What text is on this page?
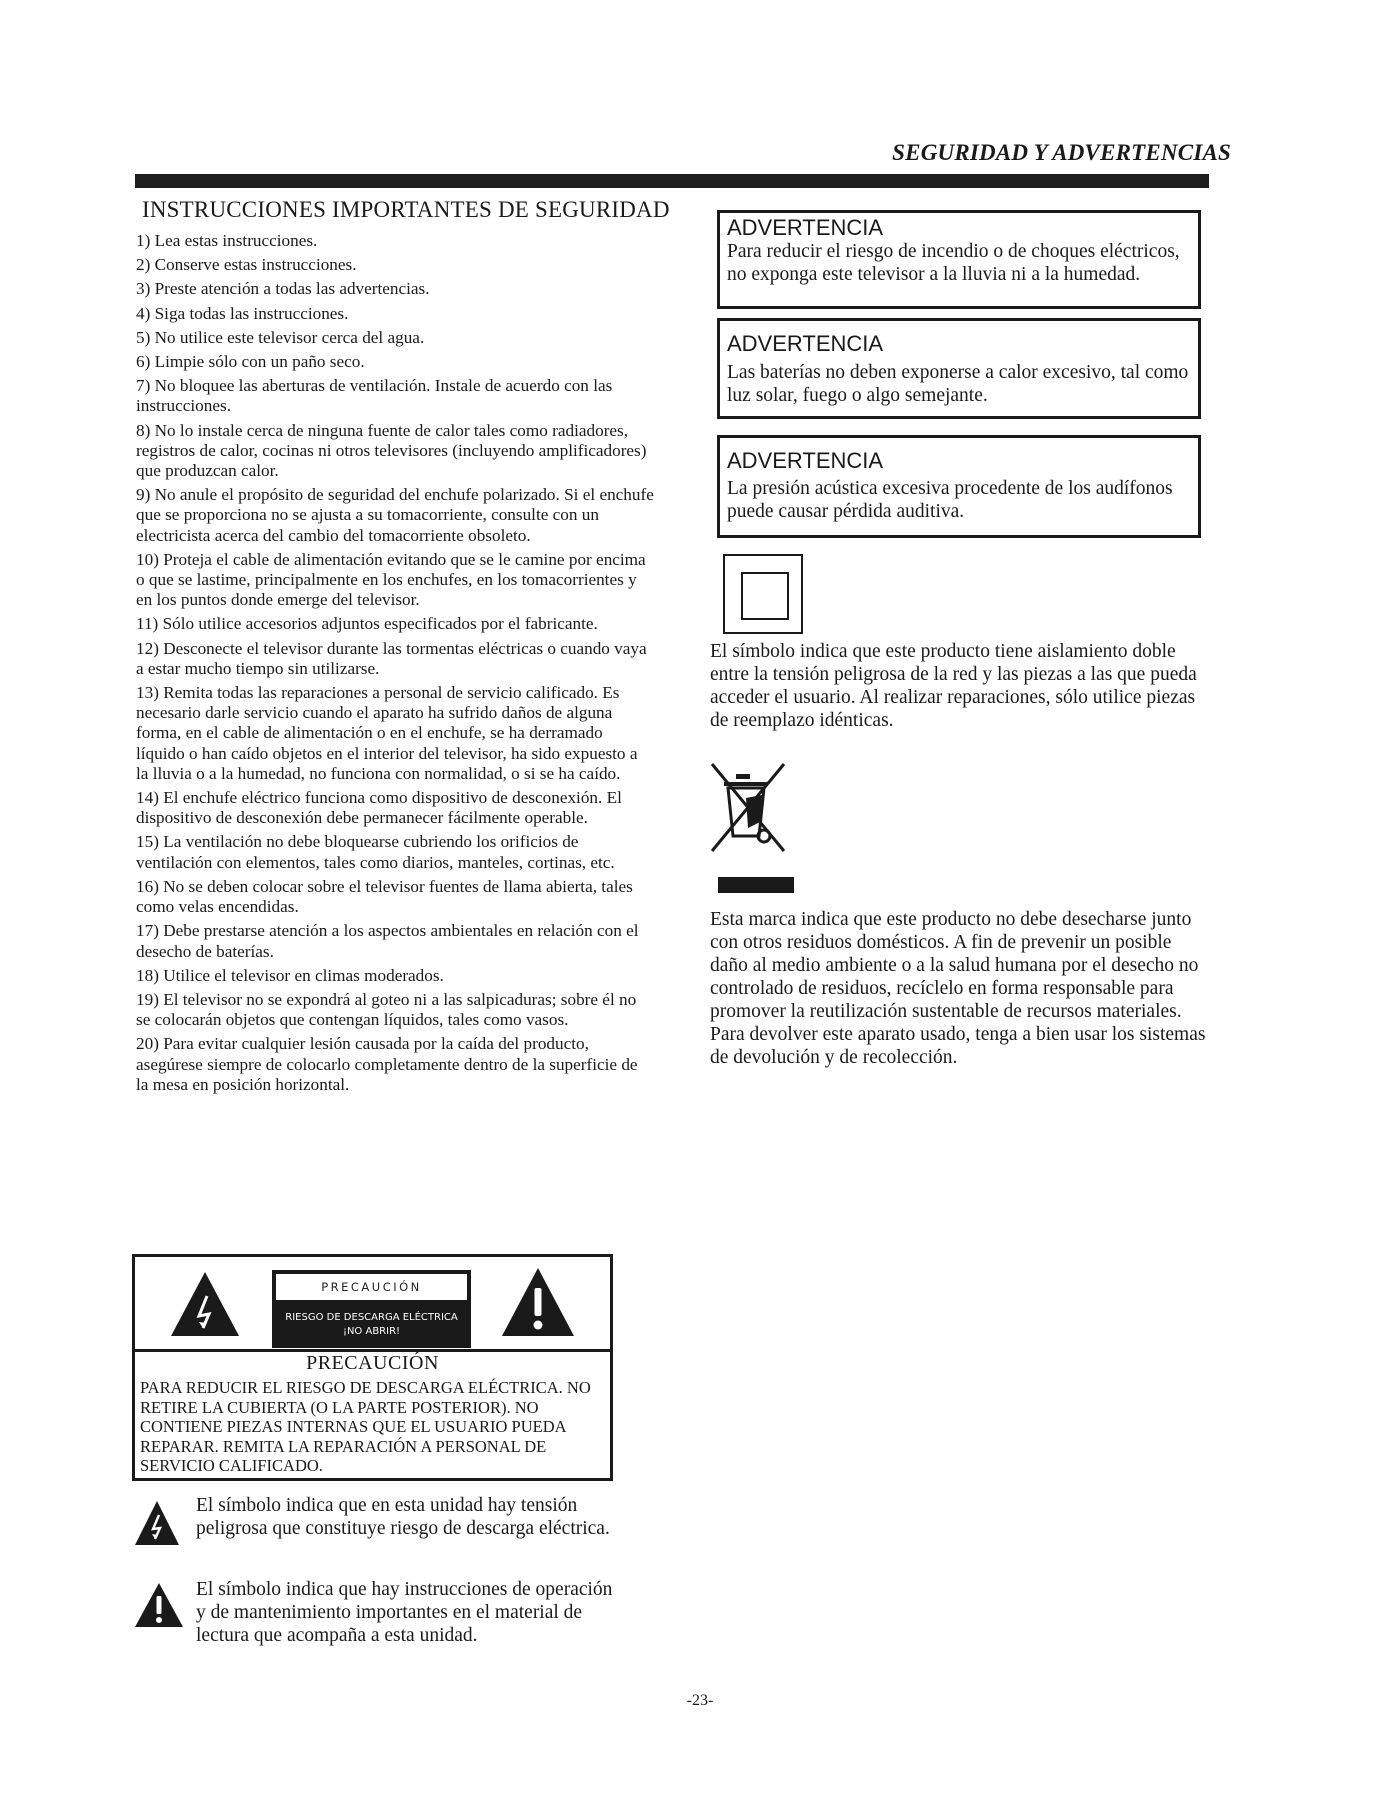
SEGURIDAD Y ADVERTENCIAS
INSTRUCCIONES IMPORTANTES DE SEGURIDAD
1) Lea estas instrucciones.
2) Conserve estas instrucciones.
3) Preste atención a todas las advertencias.
4) Siga todas las instrucciones.
5) No utilice este televisor cerca del agua.
6) Limpie sólo con un paño seco.
7) No bloquee las aberturas de ventilación. Instale de acuerdo con las instrucciones.
8) No lo instale cerca de ninguna fuente de calor tales como radiadores, registros de calor, cocinas ni otros televisores (incluyendo amplificadores) que produzcan calor.
9) No anule el propósito de seguridad del enchufe polarizado. Si el enchufe que se proporciona no se ajusta a su tomacorriente, consulte con un electricista acerca del cambio del tomacorriente obsoleto.
10) Proteja el cable de alimentación evitando que se le camine por encima o que se lastime, principalmente en los enchufes, en los tomacorrientes y en los puntos donde emerge del televisor.
11) Sólo utilice accesorios adjuntos especificados por el fabricante.
12) Desconecte el televisor durante las tormentas eléctricas o cuando vaya a estar mucho tiempo sin utilizarse.
13) Remita todas las reparaciones a personal de servicio calificado. Es necesario darle servicio cuando el aparato ha sufrido daños de alguna forma, en el cable de alimentación o en el enchufe, se ha derramado líquido o han caído objetos en el interior del televisor, ha sido expuesto a la lluvia o a la humedad, no funciona con normalidad, o si se ha caído.
14) El enchufe eléctrico funciona como dispositivo de desconexión. El dispositivo de desconexión debe permanecer fácilmente operable.
15) La ventilación no debe bloquearse cubriendo los orificios de ventilación con elementos, tales como diarios, manteles, cortinas, etc.
16) No se deben colocar sobre el televisor fuentes de llama abierta, tales como velas encendidas.
17) Debe prestarse atención a los aspectos ambientales en relación con el desecho de baterías.
18) Utilice el televisor en climas moderados.
19) El televisor no se expondrá al goteo ni a las salpicaduras; sobre él no se colocarán objetos que contengan líquidos, tales como vasos.
20) Para evitar cualquier lesión causada por la caída del producto, asegúrese siempre de colocarlo completamente dentro de la superficie de la mesa en posición horizontal.
PRECAUCIÓN
RIESGO DE DESCARGA ELÉCTRICA
¡NO ABRIR!
PRECAUCIÓN
PARA REDUCIR EL RIESGO DE DESCARGA ELÉCTRICA. NO RETIRE LA CUBIERTA (O LA PARTE POSTERIOR). NO CONTIENE PIEZAS INTERNAS QUE EL USUARIO PUEDA REPARAR. REMITA LA REPARACIÓN A PERSONAL DE SERVICIO CALIFICADO.
El símbolo indica que en esta unidad hay tensión peligrosa que constituye riesgo de descarga eléctrica.
El símbolo indica que hay instrucciones de operación y de mantenimiento importantes en el material de lectura que acompaña a esta unidad.
ADVERTENCIA
Para reducir el riesgo de incendio o de choques eléctricos, no exponga este televisor a la lluvia ni a la humedad.
ADVERTENCIA
Las baterías no deben exponerse a calor excesivo, tal como luz solar, fuego o algo semejante.
ADVERTENCIA
La presión acústica excesiva procedente de los audífonos puede causar pérdida auditiva.
El símbolo indica que este producto tiene aislamiento doble entre la tensión peligrosa de la red y las piezas a las que pueda acceder el usuario. Al realizar reparaciones, sólo utilice piezas de reemplazo idénticas.
Esta marca indica que este producto no debe desecharse junto con otros residuos domésticos. A fin de prevenir un posible daño al medio ambiente o a la salud humana por el desecho no controlado de residuos, recíclelo en forma responsable para promover la reutilización sustentable de recursos materiales. Para devolver este aparato usado, tenga a bien usar los sistemas de devolución y de recolección.
-23-
